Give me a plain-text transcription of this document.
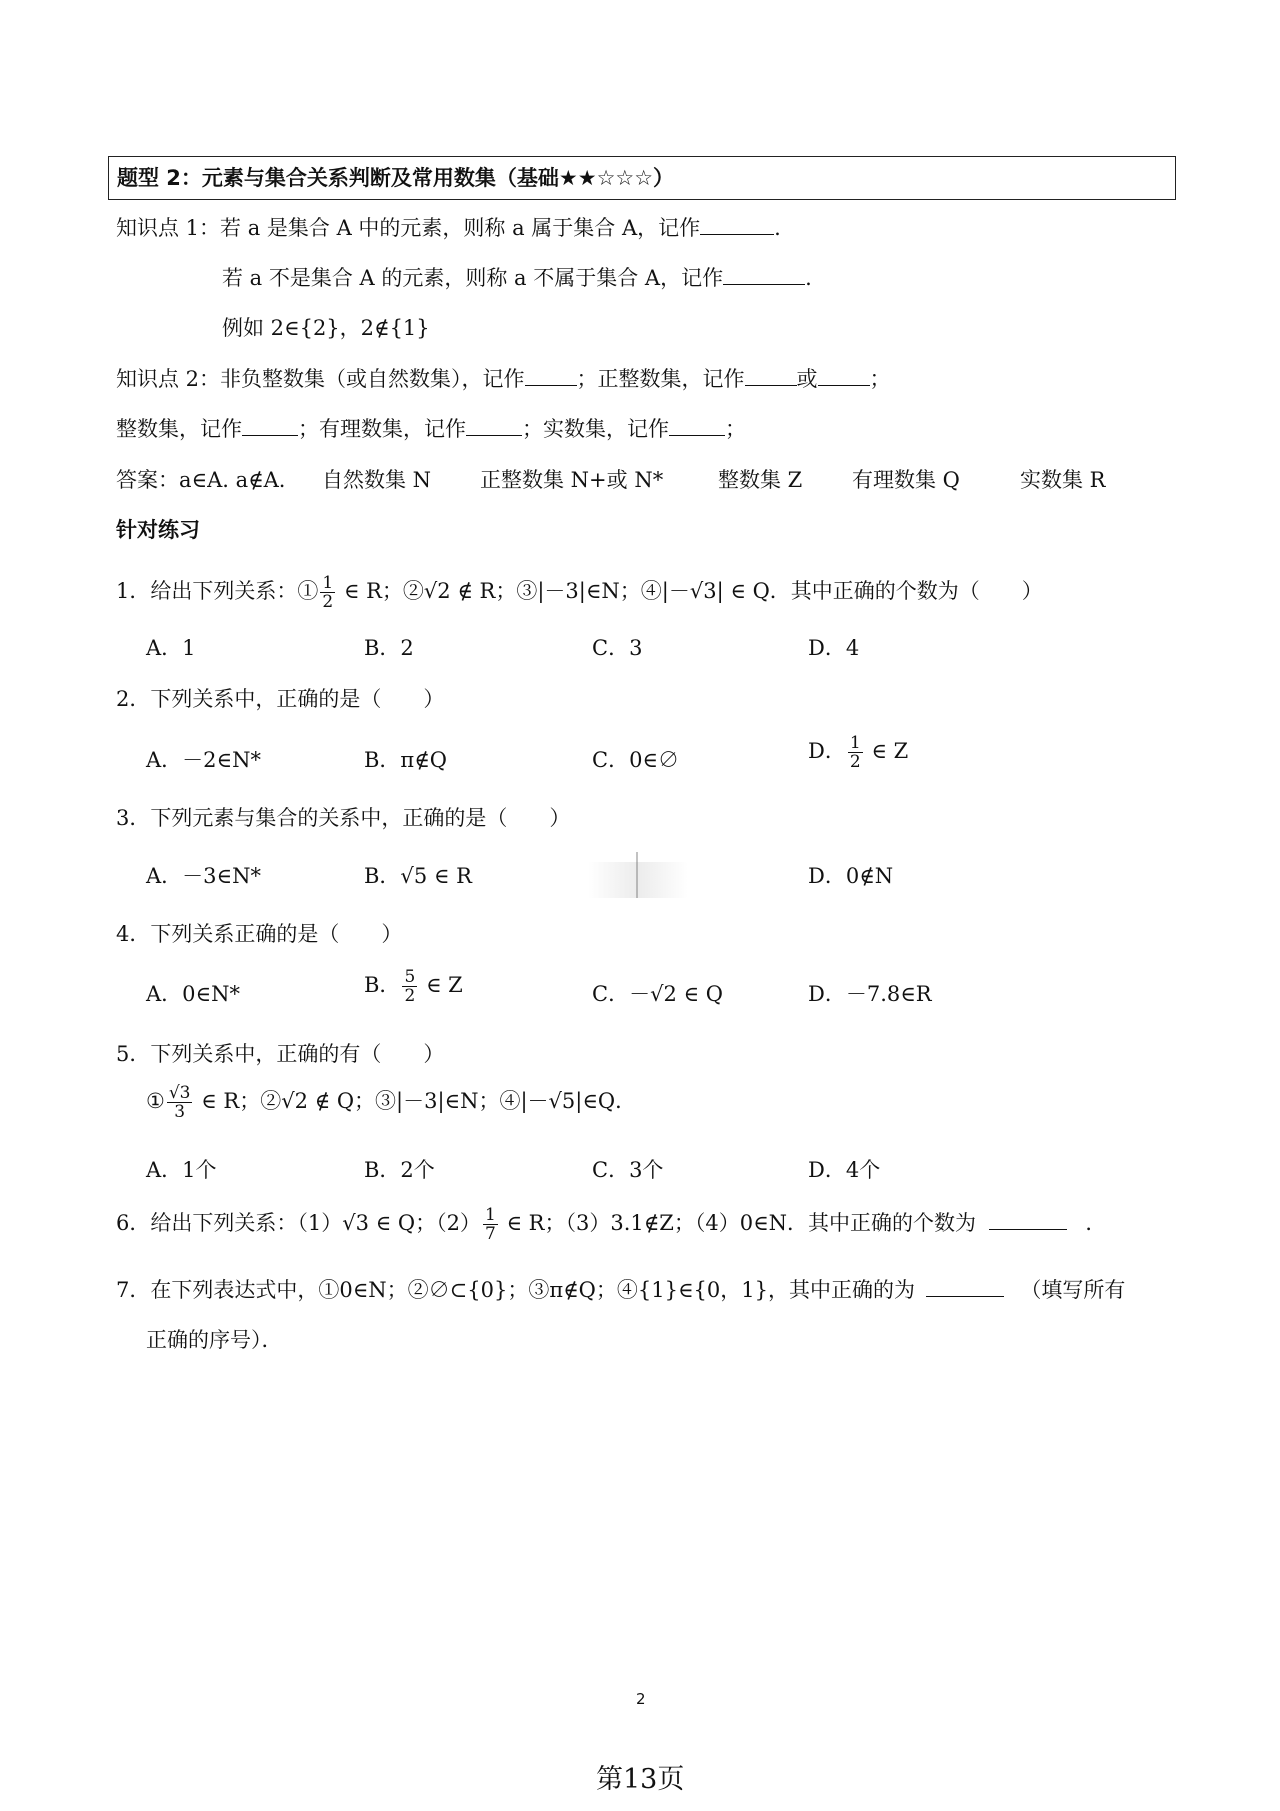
题型 2：元素与集合关系判断及常用数集（基础★★☆☆☆）
知识点 1：若 a 是集合 A 中的元素，则称 a 属于集合 A，记作	.
若 a 不是集合 A 的元素，则称 a 不属于集合 A，记作	.
例如 2∈{2}，2∉{1}
知识点 2：非负整数集（或自然数集），记作 ；正整数集，记作 或 ；
整数集，记作	；有理数集，记作	；实数集，记作	；
答案：a∈A. a∉A. 自然数集 N 正整数集 N+或 N*	整数集 Z 有理数集 Q	实数集 R
针对练习
1．给出下列关系：① $\frac{1}{2}$ ∈ R；②√2 ∉ R；③|－3|∈N；④|－√3| ∈ Q．其中正确的个数为（　　）
A．1	B．2	C．3	D．4
2．下列关系中，正确的是（　　）
A．－2∈N*	B．π∉Q	C．0∈∅	D． $\frac{1}{2}$ ∈ Z
3．下列元素与集合的关系中，正确的是（　　）
A．－3∈N*	B．√5 ∈ R	D．0∉N
4．下列关系正确的是（　　）
A．0∈N*	B． $\frac{5}{2}$ ∈ Z	C．－√2 ∈ Q	D．－7.8∈R
5．下列关系中，正确的有（　　）
① $\frac{√3}{3}$ ∈ R；②√2 ∉ Q；③|－3|∈N；④|－√5|∈Q．
A．1个	B．2个	C．3个	D．4个
6．给出下列关系：（1）√3 ∈ Q；$(2) \frac{1}{7}$ ∈ R；（3）3.1∉Z；（4）0∈N．其中正确的个数为	．
7．在下列表达式中，①0∈N；②∅⊂{0}；③π∉Q；④{1}∈{0，1}，其中正确的为	（填写所有
正确的序号）．
2
第13页
